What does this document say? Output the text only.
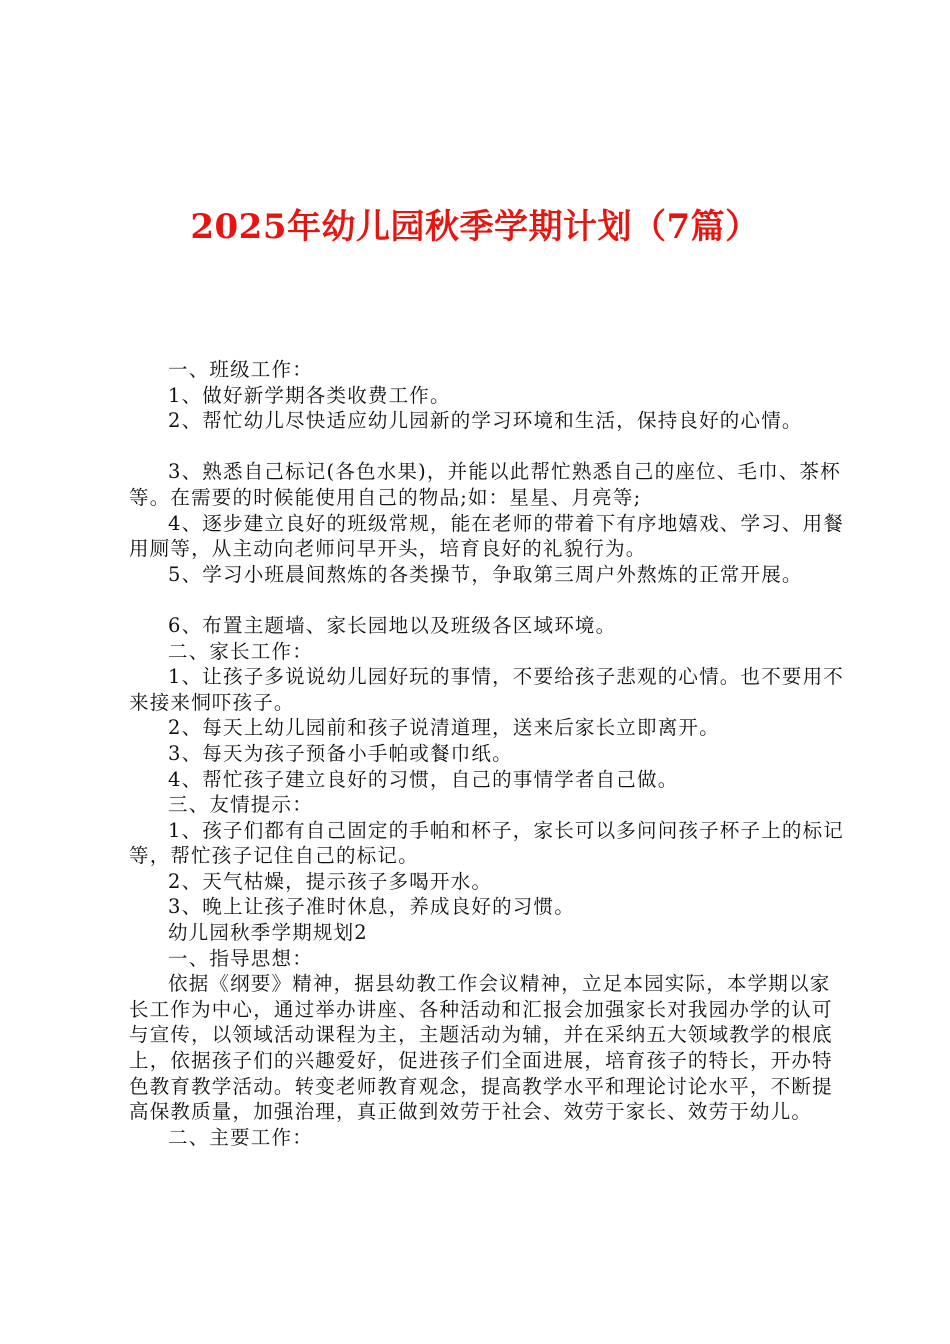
2025年幼儿园秋季学期计划（7篇）

一、班级工作：

1、做好新学期各类收费工作。

2、帮忙幼儿尽快适应幼儿园新的学习环境和生活，保持良好的心情。

3、熟悉自己标记(各色水果)，并能以此帮忙熟悉自己的座位、毛巾、茶杯等。在需要的时候能使用自己的物品;如：星星、月亮等;

4、逐步建立良好的班级常规，能在老师的带着下有序地嬉戏、学习、用餐用厕等，从主动向老师问早开头，培育良好的礼貌行为。

5、学习小班晨间熬炼的各类操节，争取第三周户外熬炼的正常开展。

6、布置主题墙、家长园地以及班级各区域环境。

二、家长工作：

1、让孩子多说说幼儿园好玩的事情，不要给孩子悲观的心情。也不要用不来接来恫吓孩子。

2、每天上幼儿园前和孩子说清道理，送来后家长立即离开。

3、每天为孩子预备小手帕或餐巾纸。

4、帮忙孩子建立良好的习惯，自己的事情学者自己做。

三、友情提示：

1、孩子们都有自己固定的手帕和杯子，家长可以多问问孩子杯子上的标记等，帮忙孩子记住自己的标记。

2、天气枯燥，提示孩子多喝开水。

3、晚上让孩子准时休息，养成良好的习惯。

幼儿园秋季学期规划2

一、指导思想：

依据《纲要》精神，据县幼教工作会议精神，立足本园实际，本学期以家长工作为中心，通过举办讲座、各种活动和汇报会加强家长对我园办学的认可与宣传，以领域活动课程为主，主题活动为辅，并在采纳五大领域教学的根底上，依据孩子们的兴趣爱好，促进孩子们全面进展，培育孩子的特长，开办特色教育教学活动。转变老师教育观念，提高教学水平和理论讨论水平，不断提高保教质量，加强治理，真正做到效劳于社会、效劳于家长、效劳于幼儿。

二、主要工作：
